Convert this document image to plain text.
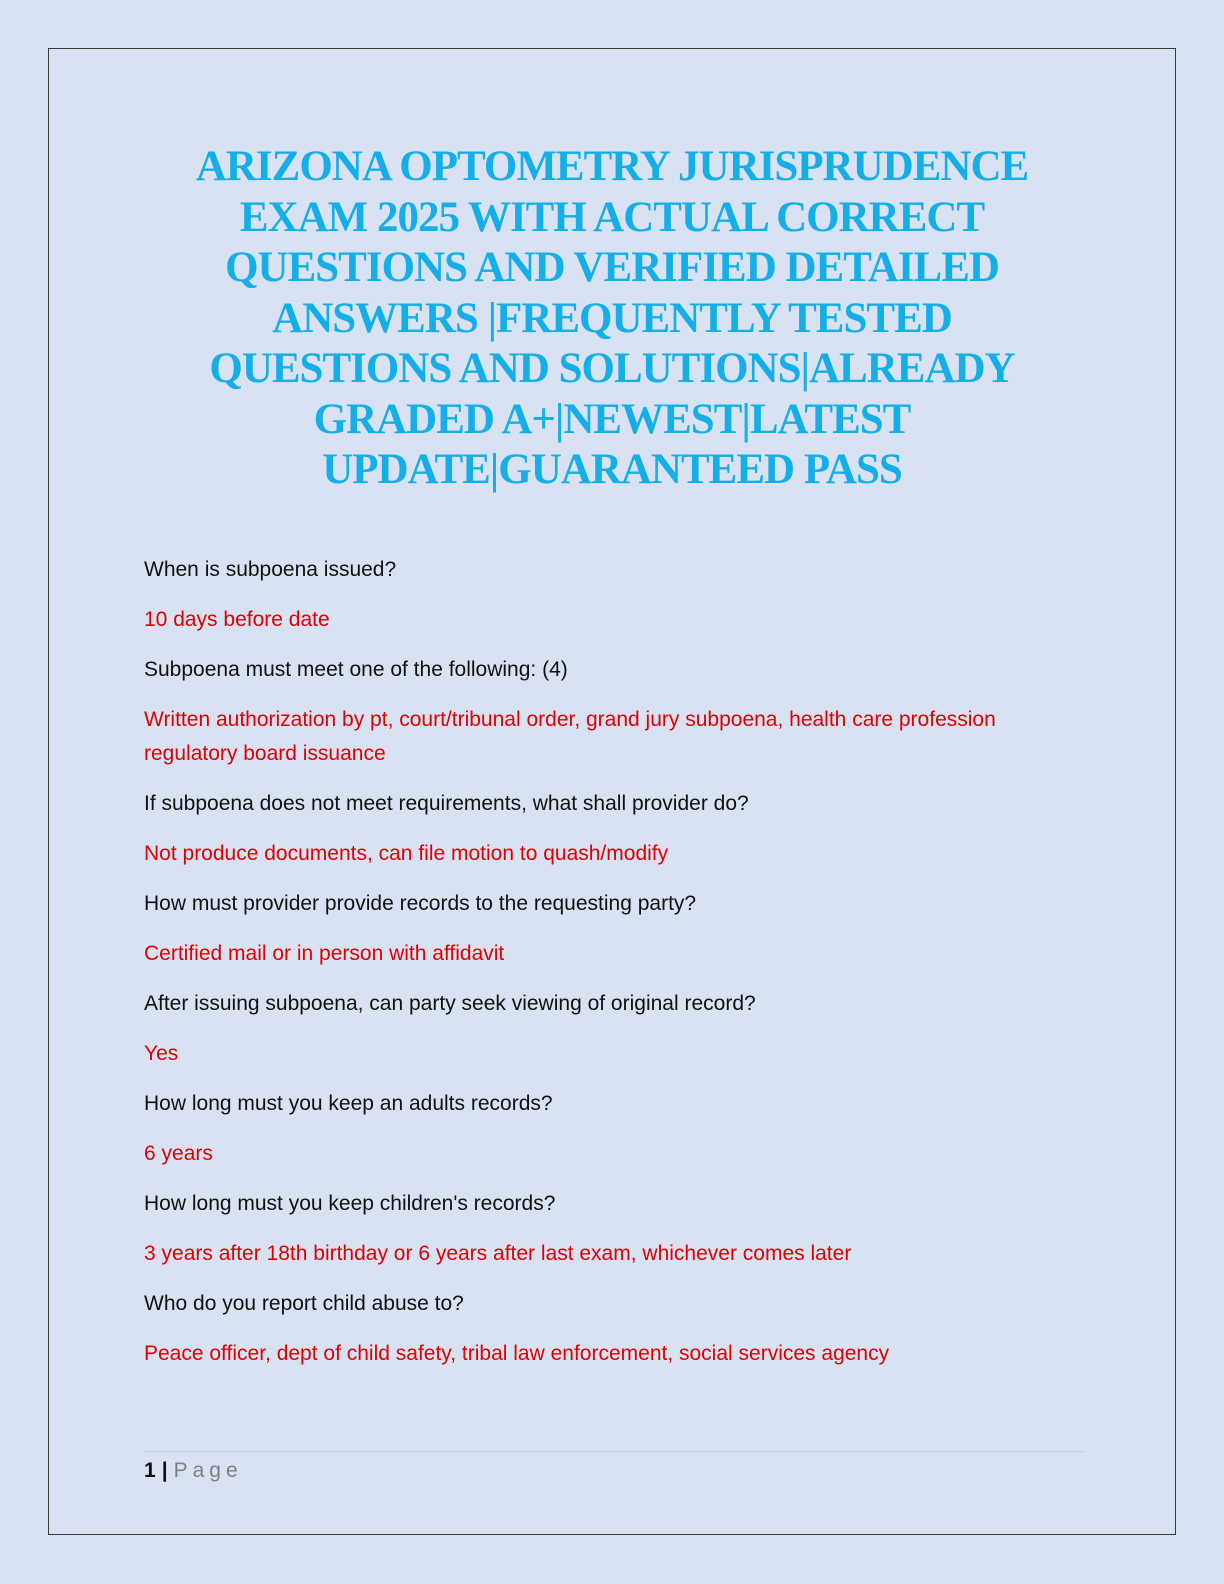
ARIZONA OPTOMETRY JURISPRUDENCE EXAM 2025 WITH ACTUAL CORRECT QUESTIONS AND VERIFIED DETAILED ANSWERS |FREQUENTLY TESTED QUESTIONS AND SOLUTIONS|ALREADY GRADED A+|NEWEST|LATEST UPDATE|GUARANTEED PASS

When is subpoena issued?

10 days before date

Subpoena must meet one of the following: (4)

Written authorization by pt, court/tribunal order, grand jury subpoena, health care profession regulatory board issuance

If subpoena does not meet requirements, what shall provider do?

Not produce documents, can file motion to quash/modify

How must provider provide records to the requesting party?

Certified mail or in person with affidavit

After issuing subpoena, can party seek viewing of original record?

Yes

How long must you keep an adults records?

6 years

How long must you keep children's records?

3 years after 18th birthday or 6 years after last exam, whichever comes later

Who do you report child abuse to?

Peace officer, dept of child safety, tribal law enforcement, social services agency

1 | Page
